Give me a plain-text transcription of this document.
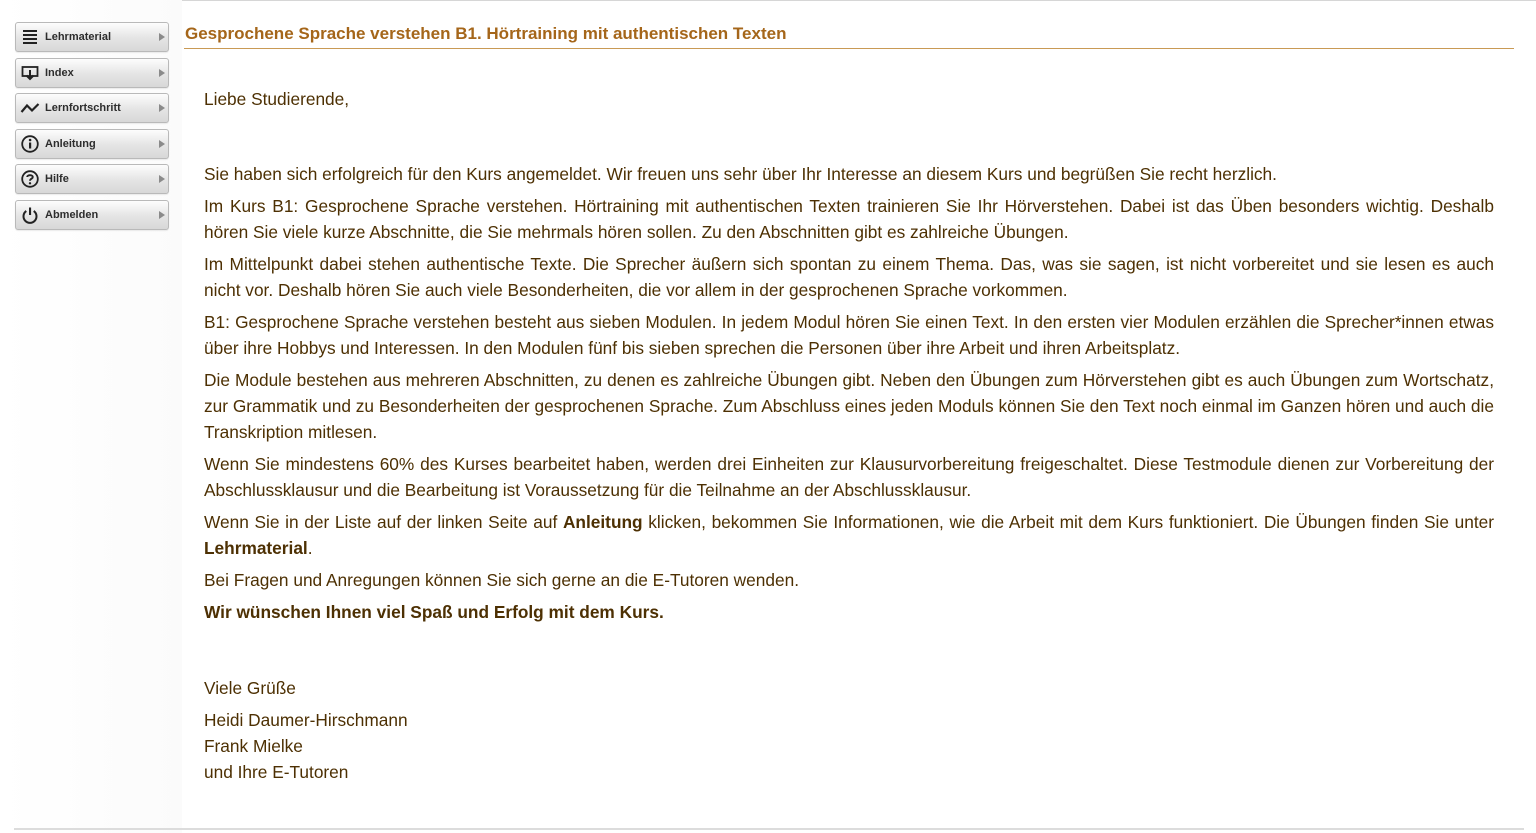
Lehrmaterial
Index
Lernfortschritt
Anleitung
Hilfe
Abmelden
Gesprochene Sprache verstehen B1. Hörtraining mit authentischen Texten

Liebe Studierende,

Sie haben sich erfolgreich für den Kurs angemeldet. Wir freuen uns sehr über Ihr Interesse an diesem Kurs und begrüßen Sie recht herzlich.

Im Kurs B1: Gesprochene Sprache verstehen. Hörtraining mit authentischen Texten trainieren Sie Ihr Hörverstehen. Dabei ist das Üben besonders wichtig. Deshalb hören Sie viele kurze Abschnitte, die Sie mehrmals hören sollen. Zu den Abschnitten gibt es zahlreiche Übungen.

Im Mittelpunkt dabei stehen authentische Texte. Die Sprecher äußern sich spontan zu einem Thema. Das, was sie sagen, ist nicht vorbereitet und sie lesen es auch nicht vor. Deshalb hören Sie auch viele Besonderheiten, die vor allem in der gesprochenen Sprache vorkommen.

B1: Gesprochene Sprache verstehen besteht aus sieben Modulen. In jedem Modul hören Sie einen Text. In den ersten vier Modulen erzählen die Sprecher*innen etwas über ihre Hobbys und Interessen. In den Modulen fünf bis sieben sprechen die Personen über ihre Arbeit und ihren Arbeitsplatz.

Die Module bestehen aus mehreren Abschnitten, zu denen es zahlreiche Übungen gibt. Neben den Übungen zum Hörverstehen gibt es auch Übungen zum Wortschatz, zur Grammatik und zu Besonderheiten der gesprochenen Sprache. Zum Abschluss eines jeden Moduls können Sie den Text noch einmal im Ganzen hören und auch die Transkription mitlesen.

Wenn Sie mindestens 60% des Kurses bearbeitet haben, werden drei Einheiten zur Klausurvorbereitung freigeschaltet. Diese Testmodule dienen zur Vorbereitung der Abschlussklausur und die Bearbeitung ist Voraussetzung für die Teilnahme an der Abschlussklausur.

Wenn Sie in der Liste auf der linken Seite auf Anleitung klicken, bekommen Sie Informationen, wie die Arbeit mit dem Kurs funktioniert. Die Übungen finden Sie unter Lehrmaterial.

Bei Fragen und Anregungen können Sie sich gerne an die E-Tutoren wenden.

Wir wünschen Ihnen viel Spaß und Erfolg mit dem Kurs.

Viele Grüße

Heidi Daumer-Hirschmann

Frank Mielke

und Ihre E-Tutoren
